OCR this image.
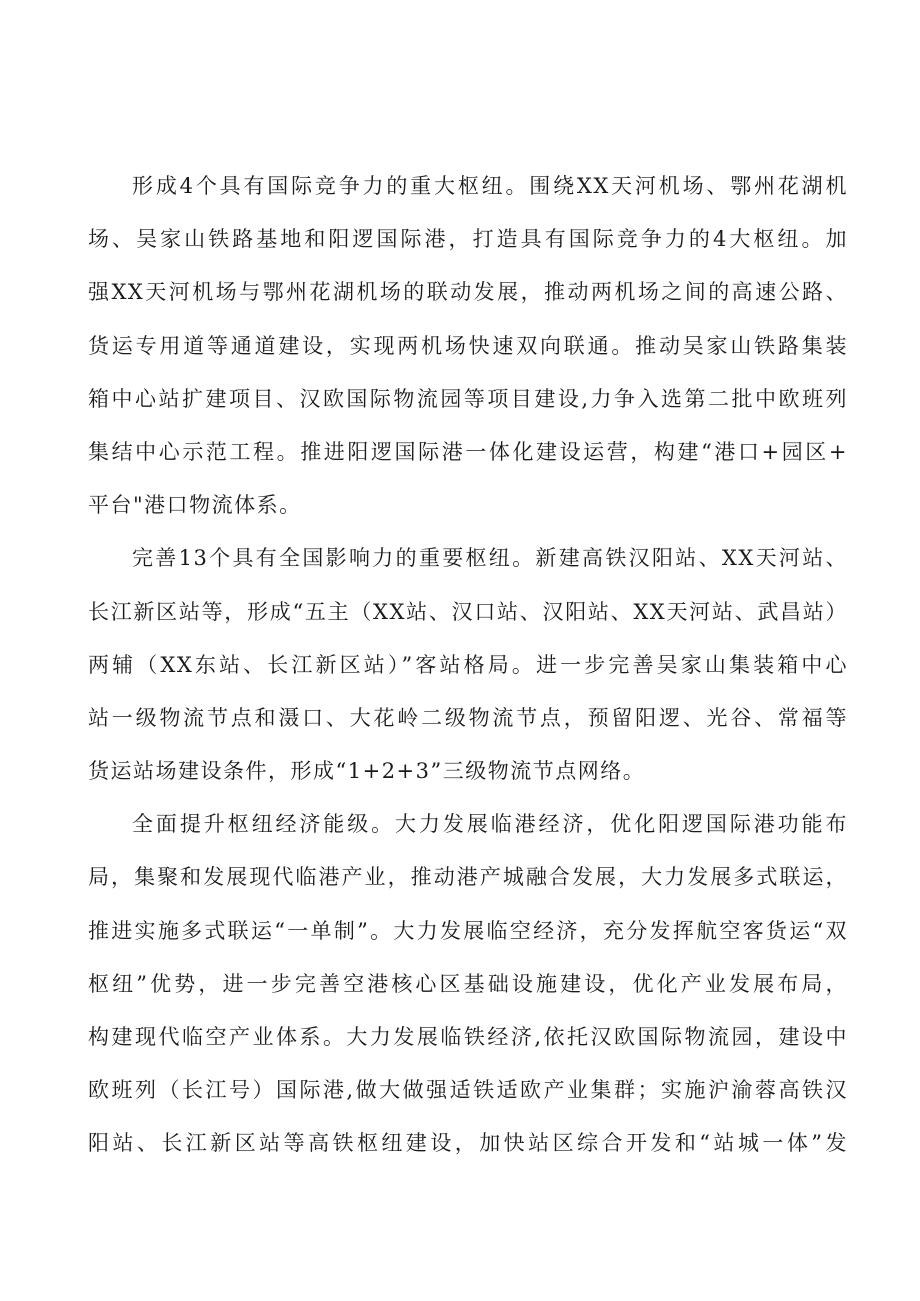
形成4个具有国际竞争力的重大枢纽。围绕XX天河机场、鄂州花湖机
场、吴家山铁路基地和阳逻国际港，打造具有国际竞争力的4大枢纽。加
强XX天河机场与鄂州花湖机场的联动发展，推动两机场之间的高速公路、
货运专用道等通道建设，实现两机场快速双向联通。推动吴家山铁路集装
箱中心站扩建项目、汉欧国际物流园等项目建设,力争入选第二批中欧班列
集结中心示范工程。推进阳逻国际港一体化建设运营，构建“港口+园区+
平台"港口物流体系。
完善13个具有全国影响力的重要枢纽。新建高铁汉阳站、XX天河站、
长江新区站等，形成“五主（XX站、汉口站、汉阳站、XX天河站、武昌站）
两辅（XX东站、长江新区站）”客站格局。进一步完善吴家山集装箱中心
站一级物流节点和滠口、大花岭二级物流节点，预留阳逻、光谷、常福等
货运站场建设条件，形成“1+2+3”三级物流节点网络。
全面提升枢纽经济能级。大力发展临港经济，优化阳逻国际港功能布
局，集聚和发展现代临港产业，推动港产城融合发展，大力发展多式联运，
推进实施多式联运“一单制”。大力发展临空经济，充分发挥航空客货运“双
枢纽”优势，进一步完善空港核心区基础设施建设，优化产业发展布局，
构建现代临空产业体系。大力发展临铁经济,依托汉欧国际物流园，建设中
欧班列（长江号）国际港,做大做强适铁适欧产业集群；实施沪渝蓉高铁汉
阳站、长江新区站等高铁枢纽建设，加快站区综合开发和“站城一体”发
